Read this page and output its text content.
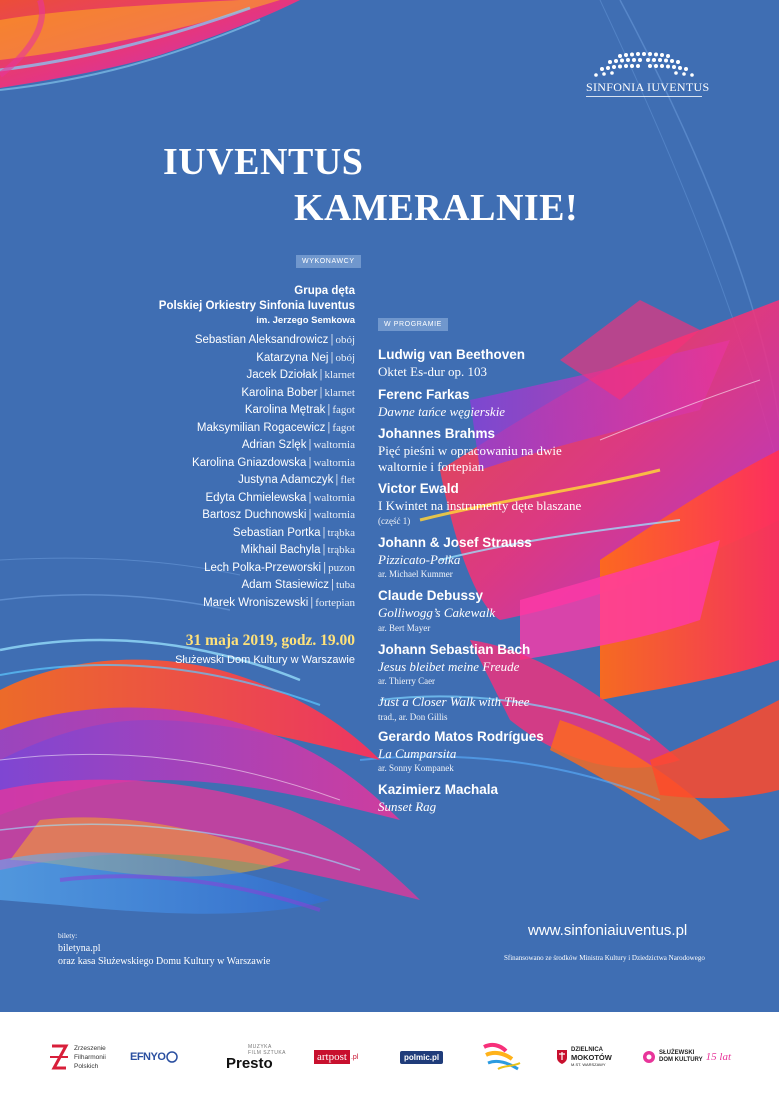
SINFONIA IUVENTUS
IUVENTUS
KAMERALNIE!
WYKONAWCY
Grupa dęta
Polskiej Orkiestry Sinfonia Iuventus
im. Jerzego Semkowa
Sebastian Aleksandrowicz | obój
Katarzyna Nej | obój
Jacek Dziołak | klarnet
Karolina Bober | klarnet
Karolina Mętrak | fagot
Maksymilian Rogacewicz | fagot
Adrian Szlęk | waltornia
Karolina Gniazdowska | waltornia
Justyna Adamczyk | flet
Edyta Chmielewska | waltornia
Bartosz Duchnowski | waltornia
Sebastian Portka | trąbka
Mikhail Bachyla | trąbka
Lech Polka-Przeworski | puzon
Adam Stasiewicz | tuba
Marek Wroniszewski | fortepian
31 maja 2019, godz. 19.00
Służewski Dom Kultury w Warszawie
W PROGRAMIE
Ludwig van Beethoven
Oktet Es-dur op. 103
Ferenc Farkas
Dawne tańce węgierskie
Johannes Brahms
Pięć pieśni w opracowaniu na dwie waltornie i fortepian
Victor Ewald
I Kwintet na instrumenty dęte blaszane
(część 1)
Johann & Josef Strauss
Pizzicato-Polka
ar. Michael Kummer
Claude Debussy
Golliwogg’s Cakewalk
ar. Bert Mayer
Johann Sebastian Bach
Jesus bleibet meine Freude
ar. Thierry Caer
Just a Closer Walk with Thee
trad., ar. Don Gillis
Gerardo Matos Rodrígues
La Cumparsita
ar. Sonny Kompanek
Kazimierz Machala
Sunset Rag
bilety:
biletyna.pl
oraz kasa Służewskiego Domu Kultury w Warszawie
www.sinfoniaiuventus.pl
Sfinansowano ze środków Ministra Kultury i Dziedzictwa Narodowego
Zrzeszenie
Filharmonii
Polskich
EFNYO
MUZYKA FILM SZTUKA
Presto	artpost .pl	polmic.pl
DZIELNICA
MOKOTÓW
M.ST. WARSZAWY
SŁUŻEWSKI
DOM KULTURY 15 lat
